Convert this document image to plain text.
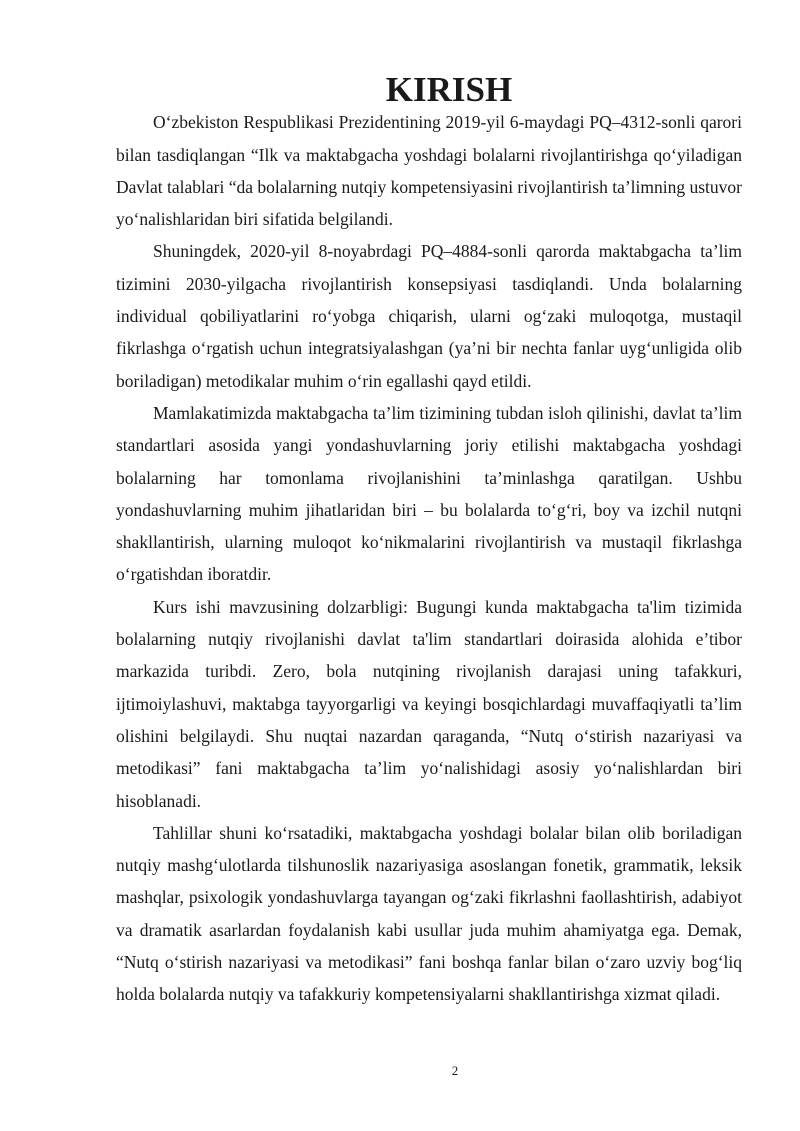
KIRISH

O‘zbekiston Respublikasi Prezidentining 2019-yil 6-maydagi PQ–4312-sonli qarori bilan tasdiqlangan “Ilk va maktabgacha yoshdagi bolalarni rivojlantirishga qo‘yiladigan Davlat talablari “da bolalarning nutqiy kompetensiyasini rivojlantirish ta’limning ustuvor yo‘nalishlaridan biri sifatida belgilandi.

Shuningdek, 2020-yil 8-noyabrdagi PQ–4884-sonli qarorda maktabgacha ta’lim tizimini 2030-yilgacha rivojlantirish konsepsiyasi tasdiqlandi. Unda bolalarning individual qobiliyatlarini ro‘yobga chiqarish, ularni og‘zaki muloqotga, mustaqil fikrlashga o‘rgatish uchun integratsiyalashgan (ya’ni bir nechta fanlar uyg‘unligida olib boriladigan) metodikalar muhim o‘rin egallashi qayd etildi.

Mamlakatimizda maktabgacha ta’lim tizimining tubdan isloh qilinishi, davlat ta’lim standartlari asosida yangi yondashuvlarning joriy etilishi maktabgacha yoshdagi bolalarning har tomonlama rivojlanishini ta’minlashga qaratilgan. Ushbu yondashuvlarning muhim jihatlaridan biri – bu bolalarda to‘g‘ri, boy va izchil nutqni shakllantirish, ularning muloqot ko‘nikmalarini rivojlantirish va mustaqil fikrlashga o‘rgatishdan iboratdir.

Kurs ishi mavzusining dolzarbligi: Bugungi kunda maktabgacha ta'lim tizimida bolalarning nutqiy rivojlanishi davlat ta'lim standartlari doirasida alohida e’tibor markazida turibdi. Zero, bola nutqining rivojlanish darajasi uning tafakkuri, ijtimoiylashuvi, maktabga tayyorgarligi va keyingi bosqichlardagi muvaffaqiyatli ta’lim olishini belgilaydi. Shu nuqtai nazardan qaraganda, “Nutq o‘stirish nazariyasi va metodikasi” fani maktabgacha ta’lim yo‘nalishidagi asosiy yo‘nalishlardan biri hisoblanadi.

Tahlillar shuni ko‘rsatadiki, maktabgacha yoshdagi bolalar bilan olib boriladigan nutqiy mashg‘ulotlarda tilshunoslik nazariyasiga asoslangan fonetik, grammatik, leksik mashqlar, psixologik yondashuvlarga tayangan og‘zaki fikrlashni faollashtirish, adabiyot va dramatik asarlardan foydalanish kabi usullar juda muhim ahamiyatga ega. Demak, “Nutq o‘stirish nazariyasi va metodikasi” fani boshqa fanlar bilan o‘zaro uzviy bog‘liq holda bolalarda nutqiy va tafakkuriy kompetensiyalarni shakllantirishga xizmat qiladi.

2
